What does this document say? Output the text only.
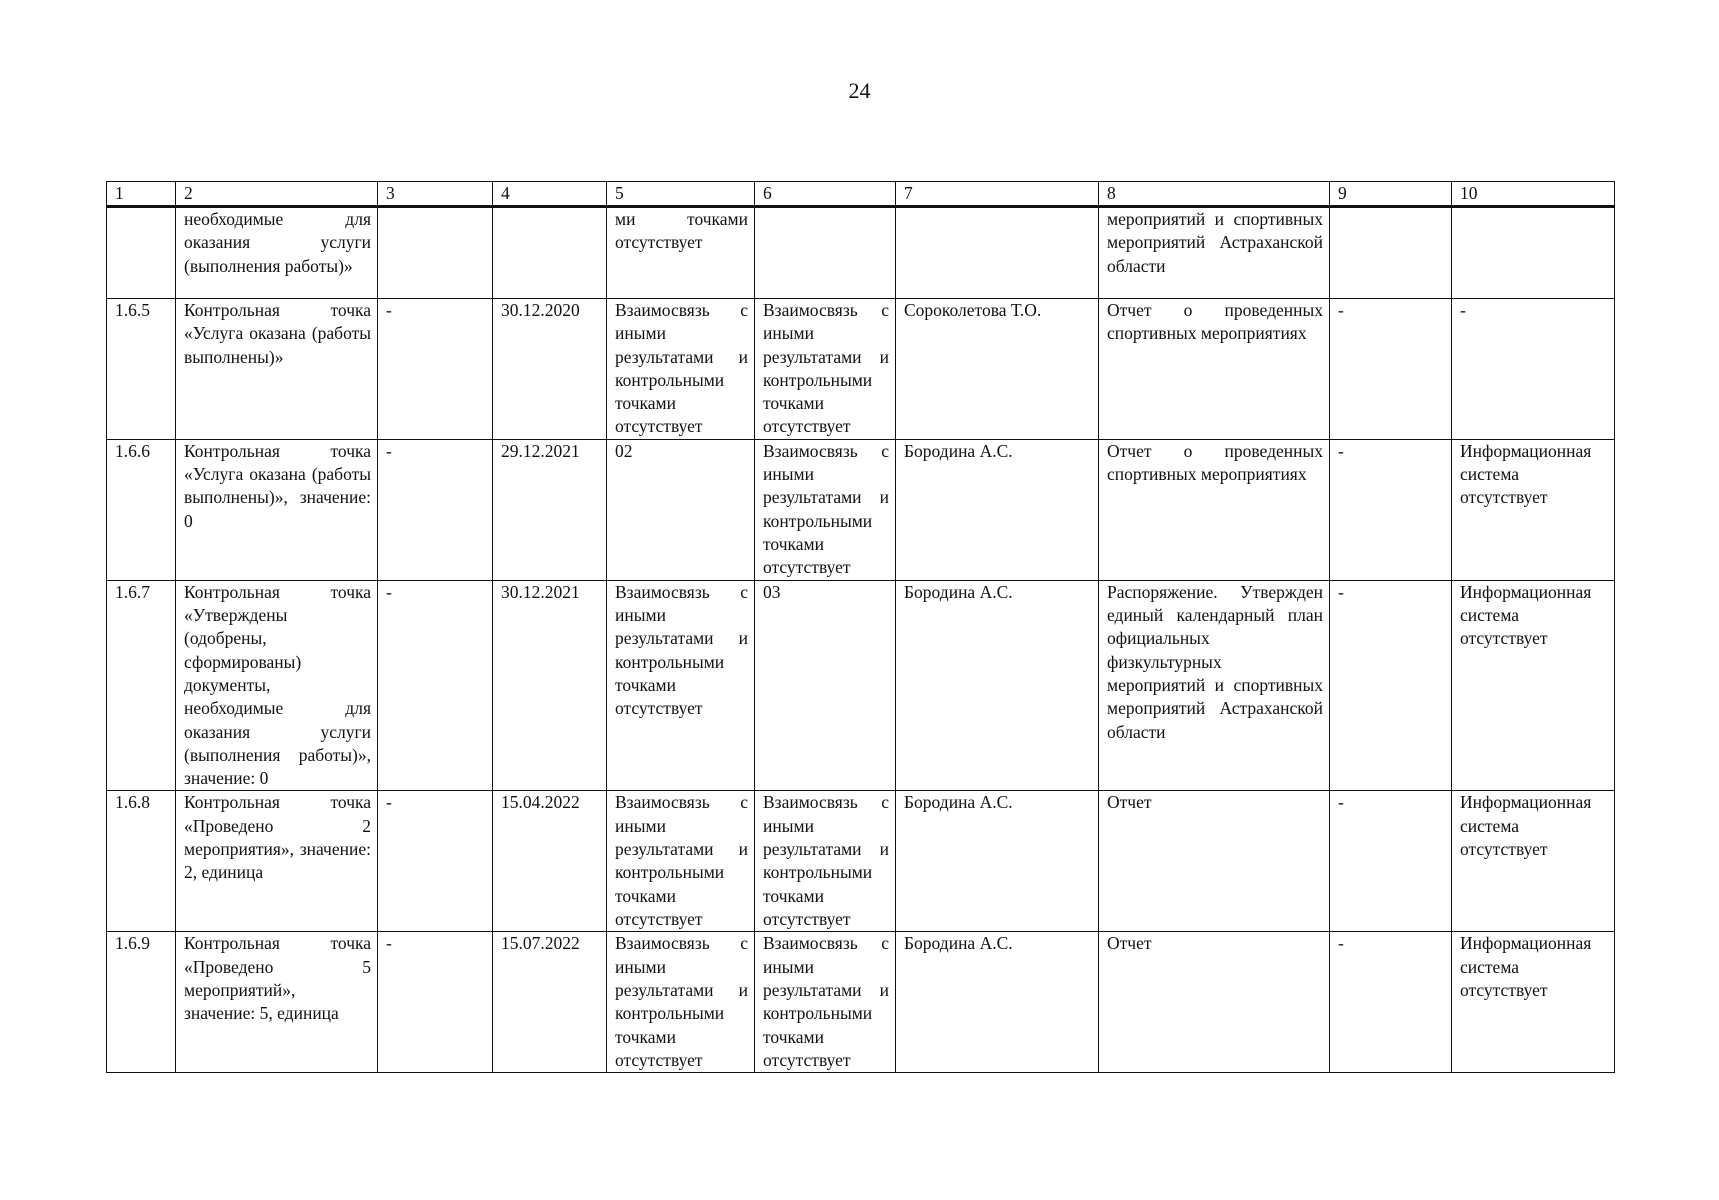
24
1	2	3	4	5	6	7	8	9	10
	необходимые для оказания услуги (выполнения работы)»			ми точками отсутствует			мероприятий и спортивных мероприятий Астраханской области		
1.6.5	Контрольная точка «Услуга оказана (работы выполнены)»	-	30.12.2020	Взаимосвязь с иными результатами и контрольными точками отсутствует	Взаимосвязь с иными результатами и контрольными точками отсутствует	Сороколетова Т.О.	Отчет о проведенных спортивных мероприятиях	-	-
1.6.6	Контрольная точка «Услуга оказана (работы выполнены)», значение: 0	-	29.12.2021	02	Взаимосвязь с иными результатами и контрольными точками отсутствует	Бородина А.С.	Отчет о проведенных спортивных мероприятиях	-	Информационная система отсутствует
1.6.7	Контрольная точка «Утверждены (одобрены, сформированы) документы, необходимые для оказания услуги (выполнения работы)», значение: 0	-	30.12.2021	Взаимосвязь с иными результатами и контрольными точками отсутствует	03	Бородина А.С.	Распоряжение. Утвержден единый календарный план официальных физкультурных мероприятий и спортивных мероприятий Астраханской области	-	Информационная система отсутствует
1.6.8	Контрольная точка «Проведено 2 мероприятия», значение: 2, единица	-	15.04.2022	Взаимосвязь с иными результатами и контрольными точками отсутствует	Взаимосвязь с иными результатами и контрольными точками отсутствует	Бородина А.С.	Отчет	-	Информационная система отсутствует
1.6.9	Контрольная точка «Проведено 5 мероприятий», значение: 5, единица	-	15.07.2022	Взаимосвязь с иными результатами и контрольными точками отсутствует	Взаимосвязь с иными результатами и контрольными точками отсутствует	Бородина А.С.	Отчет	-	Информационная система отсутствует
